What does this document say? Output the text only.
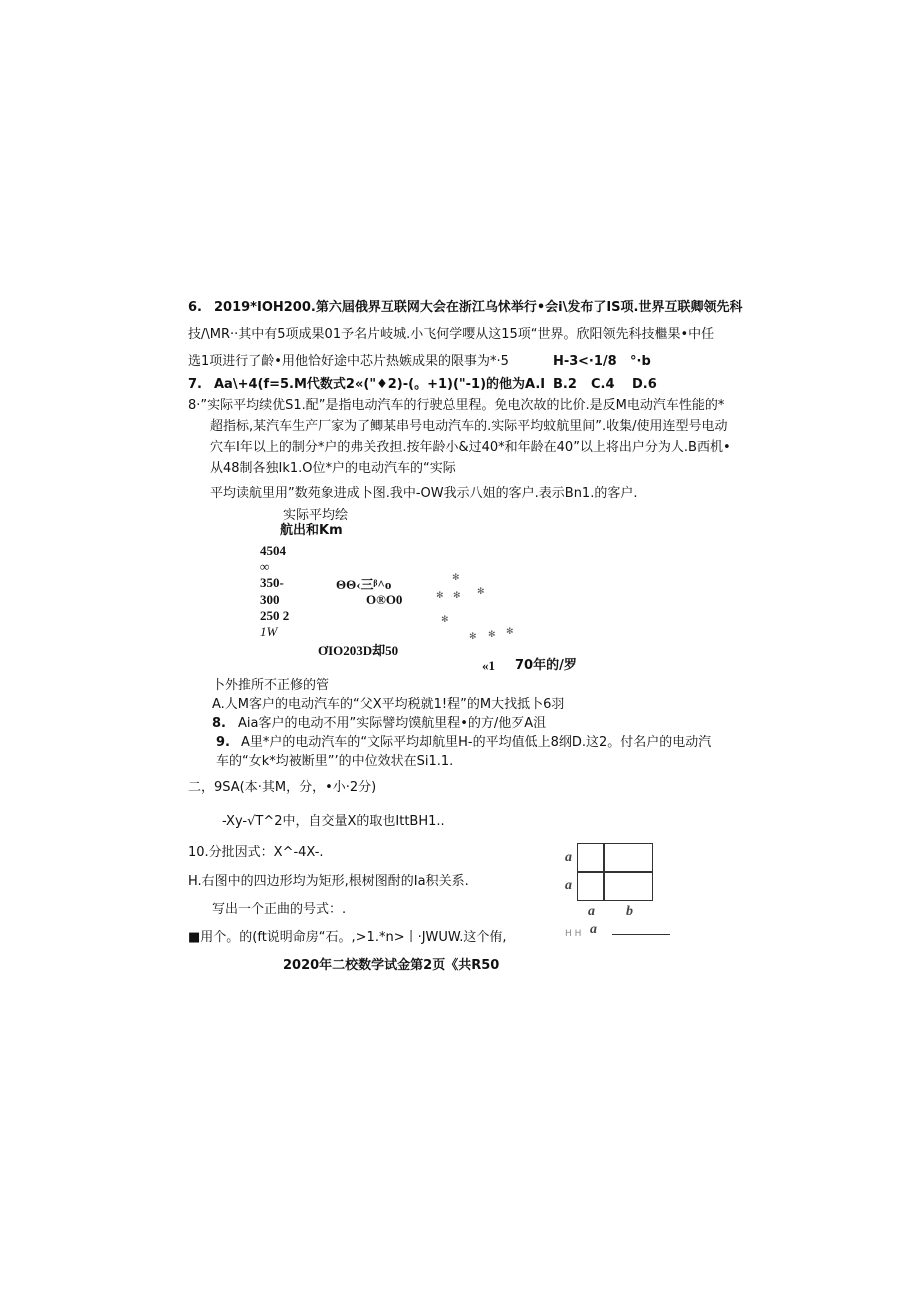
6. 2019*IOH200.第六屆俄界互联网大会在浙江乌怵举行•会i\发布了IS项.世界互联卿领先科
技/\MR··其中有5项成果01予名片岐城.小飞何学嘤从这15项“世界。欣阳领先科技檵果•中任
选1项进行了齡•用他恰好途中芯片热嫉成果的限事为*·5	H-3 <·1/8 °·b
7. Aa\+4(f=5.M代数式2«("♦2)-(。+1)("-1)的他为A.I B.2 C.4 D.6
8·”实际平均续优S1.配”是指电动汽车的行驶总里程。免电次故的比价.是反M电动汽车性能的*
超指标,某汽车生产厂家为了鲫某串号电动汽车的.实际平均蚊航里间”.收集/使用连型号电动
穴车I年以上的制分*户的弗关孜担.按年龄小&过40*和年龄在40”以上将出户分为人.B西机•
从48制各独Ik1.O位*户的电动汽车的“实际
平均读航里用”数苑象进成卜图.我中-OW我示八姐的客户.表示Bn1.的客户.
实际平均绘
航出和Km
4504
∞
350-
300
250 2
1W
ΘΘ‹三ᵝ^o
O®O0
ƠIO203D却50
✻
✻ ✻ ✻
✻
✻ ✻ ✻
«1 70年的/罗
卜外推所不正修的管
A.人M客户的电动汽车的“父X平均税就1!程”的M大找抵卜6羽
8. Aia客户的电动不用”实际譬均馍航里程•的方/他歹A沮
9. A里*户的电动汽车的“文际平均却航里H-的平均值低上8纲D.这2。付名户的电动汽
车的“女k*均被断里”’的中位效状在Si1.1.
二，9SA(本·其M，分，•小·2分)
-Xy-√T^2中，自交量X的取也IttBH1..
10.分批因式：X^-4X-.
H.右图中的四边形均为矩形,根树图酎的Ia积关系.
写出一个正曲的号式：.
a
a
a b
H H a
■用个。的(ft说明命房“石。,>1.*n>丨·JWUW.这个侑,
2020年二校数学试金第2页《共R50
